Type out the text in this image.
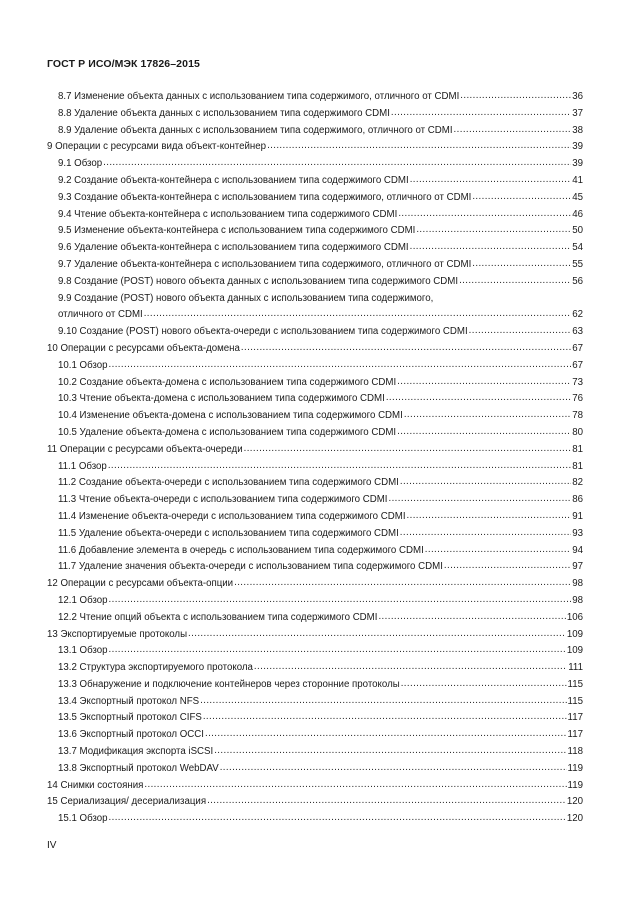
ГОСТ Р ИСО/МЭК 17826–2015
8.7 Изменение объекта данных с использованием типа содержимого, отличного от CDMI .....	36
8.8 Удаление объекта данных с использованием типа содержимого CDMI .....	37
8.9 Удаление объекта данных с использованием типа содержимого, отличного от CDMI .....	38
9 Операции с ресурсами вида объект-контейнер .....	39
9.1 Обзор .....	39
9.2 Создание объекта-контейнера с использованием типа содержимого CDMI .....	41
9.3 Создание объекта-контейнера с использованием типа содержимого, отличного от CDMI .....	45
9.4 Чтение объекта-контейнера с использованием типа содержимого CDMI .....	46
9.5 Изменение объекта-контейнера с использованием типа содержимого CDMI .....	50
9.6 Удаление объекта-контейнера с использованием типа содержимого CDMI .....	54
9.7 Удаление объекта-контейнера с использованием типа содержимого, отличного от CDMI .....	55
9.8 Создание (POST) нового объекта данных с использованием типа содержимого CDMI .....	56
9.9 Создание (POST) нового объекта данных с использованием типа содержимого,
отличного от CDMI .....	62
9.10 Создание (POST) нового объекта-очереди с использованием типа содержимого CDMI .....	63
10 Операции с ресурсами объекта-домена .....	67
10.1 Обзор .....	67
10.2 Создание объекта-домена с использованием типа содержимого CDMI .....	73
10.3 Чтение объекта-домена с использованием типа содержимого CDMI .....	76
10.4 Изменение объекта-домена с использованием типа содержимого CDMI .....	78
10.5 Удаление объекта-домена с использованием типа содержимого CDMI .....	80
11 Операции с ресурсами объекта-очереди .....	81
11.1 Обзор .....	81
11.2 Создание объекта-очереди с использованием типа содержимого CDMI .....	82
11.3 Чтение объекта-очереди с использованием типа содержимого CDMI .....	86
11.4 Изменение объекта-очереди с использованием типа содержимого CDMI .....	91
11.5 Удаление объекта-очереди с использованием типа содержимого CDMI .....	93
11.6 Добавление элемента в очередь с использованием типа содержимого CDMI .....	94
11.7 Удаление значения объекта-очереди с использованием типа содержимого CDMI .....	97
12 Операции с ресурсами объекта-опции .....	98
12.1 Обзор .....	98
12.2 Чтение опций объекта с использованием типа содержимого CDMI .....	106
13 Экспортируемые протоколы .....	109
13.1 Обзор .....	109
13.2 Структура экспортируемого протокола .....	111
13.3 Обнаружение и подключение контейнеров через сторонние протоколы .....	115
13.4 Экспортный протокол NFS .....	115
13.5 Экспортный протокол CIFS .....	117
13.6 Экспортный протокол OCCI .....	117
13.7 Модификация экспорта iSCSI .....	118
13.8 Экспортный протокол WebDAV .....	119
14 Снимки состояния .....	119
15 Сериализация/ десериализация .....	120
15.1 Обзор .....	120
IV
